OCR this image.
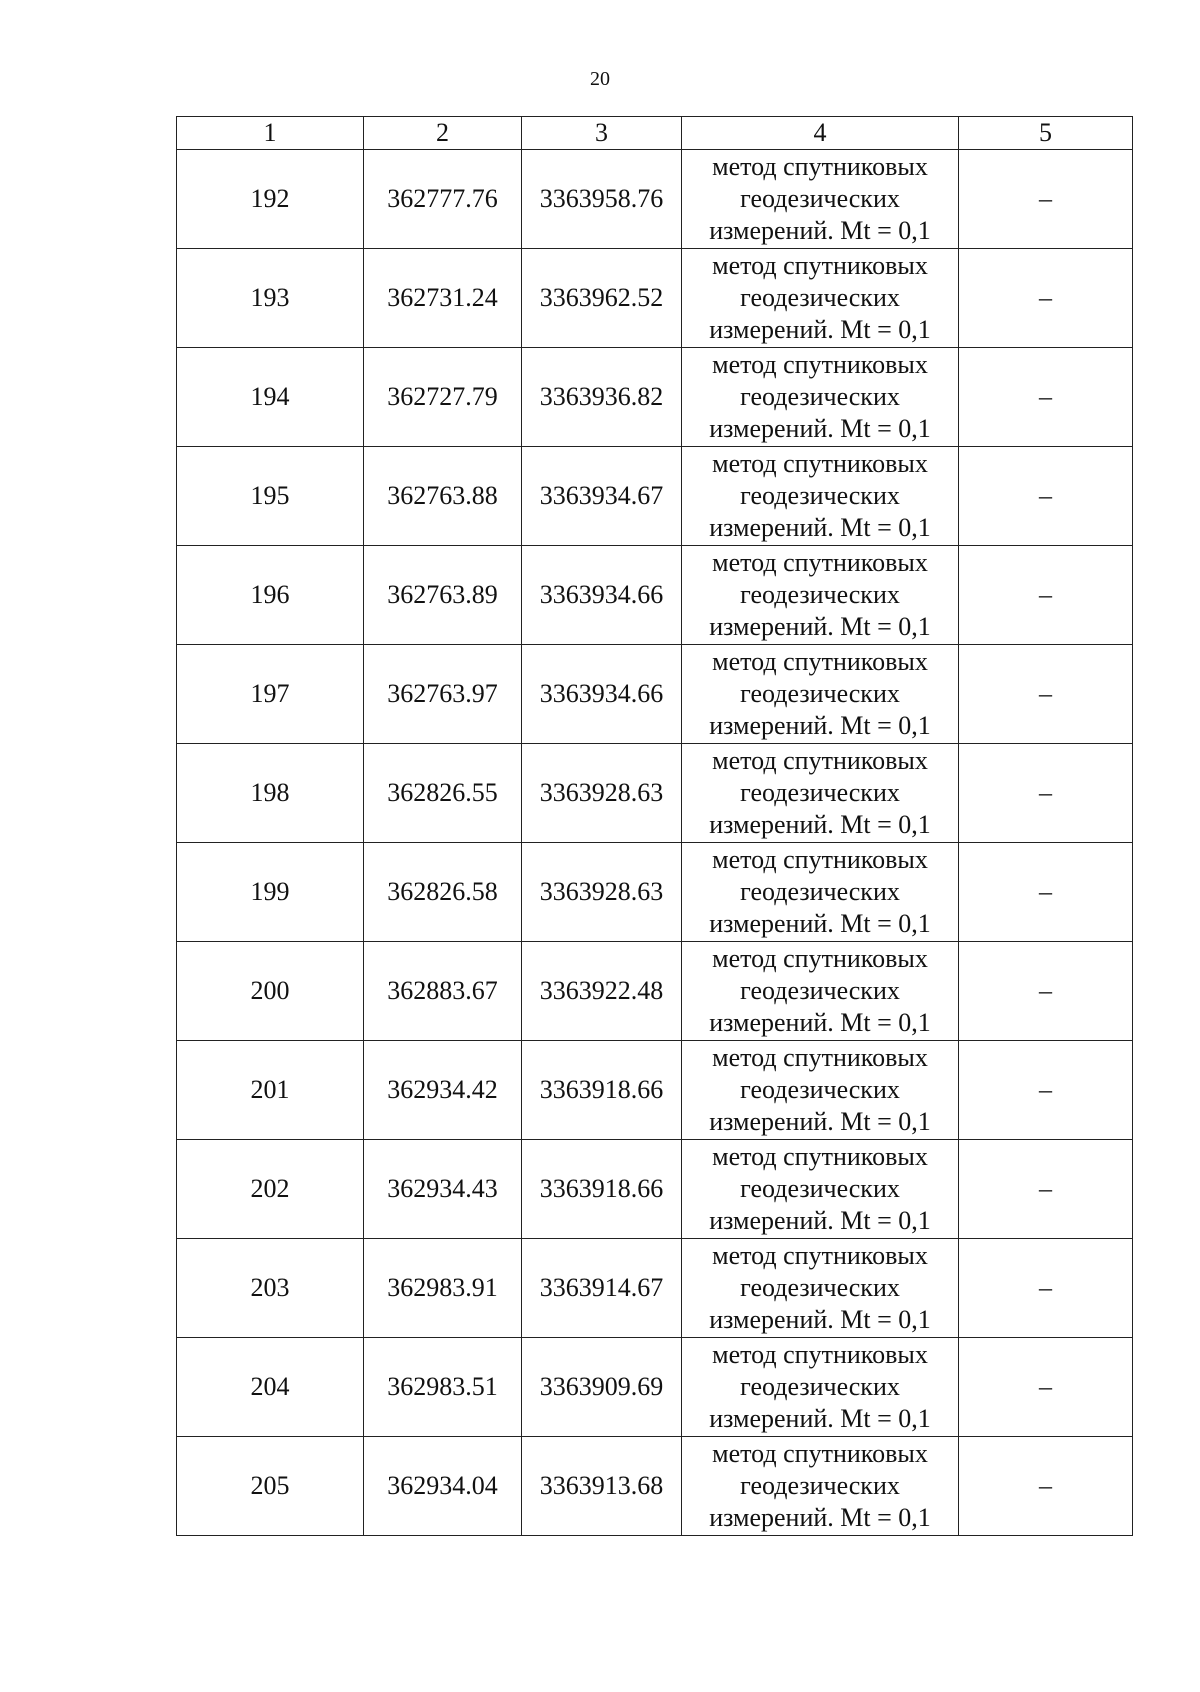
20
1	2	3	4	5
192	362777.76	3363958.76	метод спутниковых
геодезических
измерений. Mt = 0,1	–
193	362731.24	3363962.52	метод спутниковых
геодезических
измерений. Mt = 0,1	–
194	362727.79	3363936.82	метод спутниковых
геодезических
измерений. Mt = 0,1	–
195	362763.88	3363934.67	метод спутниковых
геодезических
измерений. Mt = 0,1	–
196	362763.89	3363934.66	метод спутниковых
геодезических
измерений. Mt = 0,1	–
197	362763.97	3363934.66	метод спутниковых
геодезических
измерений. Mt = 0,1	–
198	362826.55	3363928.63	метод спутниковых
геодезических
измерений. Mt = 0,1	–
199	362826.58	3363928.63	метод спутниковых
геодезических
измерений. Mt = 0,1	–
200	362883.67	3363922.48	метод спутниковых
геодезических
измерений. Mt = 0,1	–
201	362934.42	3363918.66	метод спутниковых
геодезических
измерений. Mt = 0,1	–
202	362934.43	3363918.66	метод спутниковых
геодезических
измерений. Mt = 0,1	–
203	362983.91	3363914.67	метод спутниковых
геодезических
измерений. Mt = 0,1	–
204	362983.51	3363909.69	метод спутниковых
геодезических
измерений. Mt = 0,1	–
205	362934.04	3363913.68	метод спутниковых
геодезических
измерений. Mt = 0,1	–
